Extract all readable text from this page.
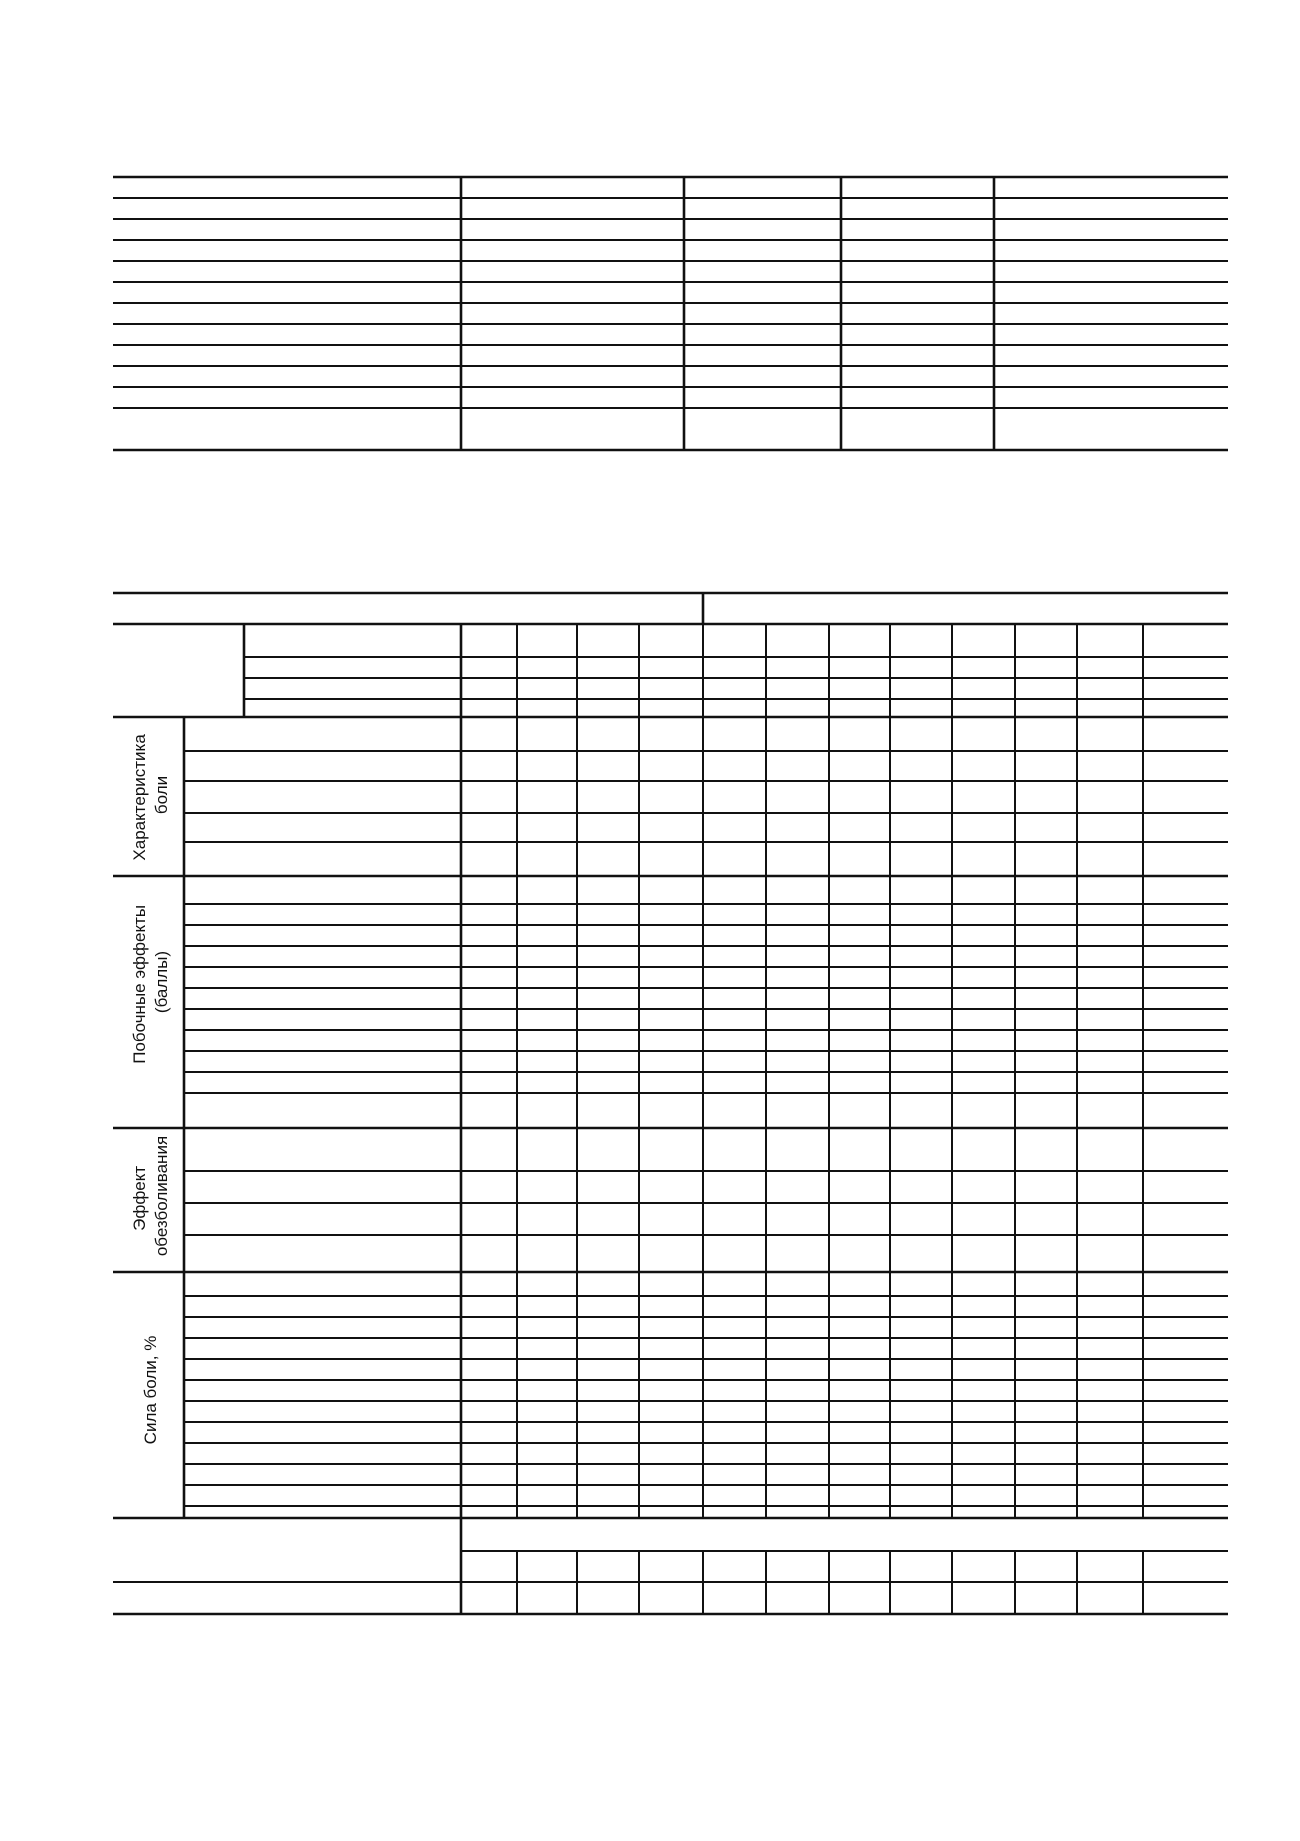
Характеристика боли
Побочные эффекты (баллы)
Эффект обезболивания
Сила боли, %
